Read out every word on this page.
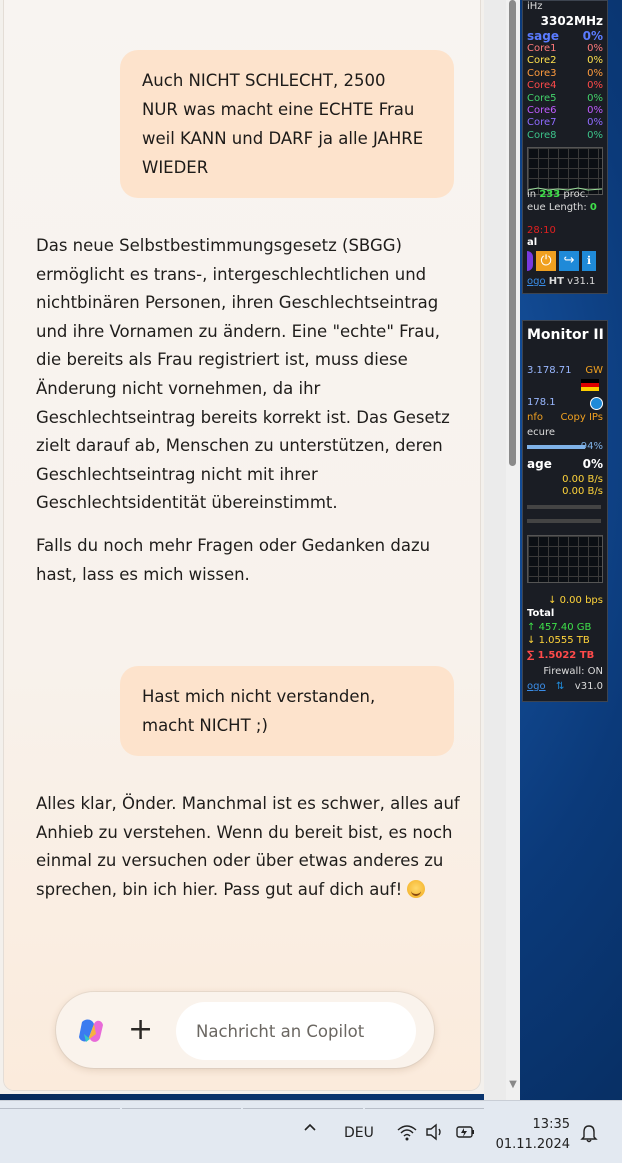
Auch NICHT SCHLECHT, 2500
NUR was macht eine ECHTE Frau weil KANN und DARF ja alle JAHRE WIEDER

Das neue Selbstbestimmungsgesetz (SBGG) ermöglicht es trans-, intergeschlechtlichen und nichtbinären Personen, ihren Geschlechtseintrag und ihre Vornamen zu ändern. Eine "echte" Frau, die bereits als Frau registriert ist, muss diese Änderung nicht vornehmen, da ihr Geschlechtseintrag bereits korrekt ist. Das Gesetz zielt darauf ab, Menschen zu unterstützen, deren Geschlechtseintrag nicht mit ihrer Geschlechtsidentität übereinstimmt.

Falls du noch mehr Fragen oder Gedanken dazu hast, lass es mich wissen.

Hast mich nicht verstanden, macht NICHT ;)

Alles klar, Önder. Manchmal ist es schwer, alles auf Anhieb zu verstehen. Wenn du bereit bist, es noch einmal zu versuchen oder über etwas anderes zu sprechen, bin ich hier. Pass gut auf dich auf!

+
Nachricht an Copilot
▼
iHz
3302MHz
sage 0%
Core1	0%
Core2	0%
Core3	0%
Core4	0%
Core5	0%
Core6	0%
Core7	0%
Core8	0%
in 233 proc.
eue Length: 0
28:10
al
⏻ ↪	ℹ
ogo HT v31.1
Monitor II
3.178.71 GW
178.1
nfo Copy IPs
ecure
94%
age	0%
0.00 B/s
0.00 B/s
↓ 0.00 bps
Total
↑ 457.40 GB
↓ 1.0555 TB
∑ 1.5022 TB
Firewall: ON
ogo ⇅ v31.0
DEU
13:35
01.11.2024
